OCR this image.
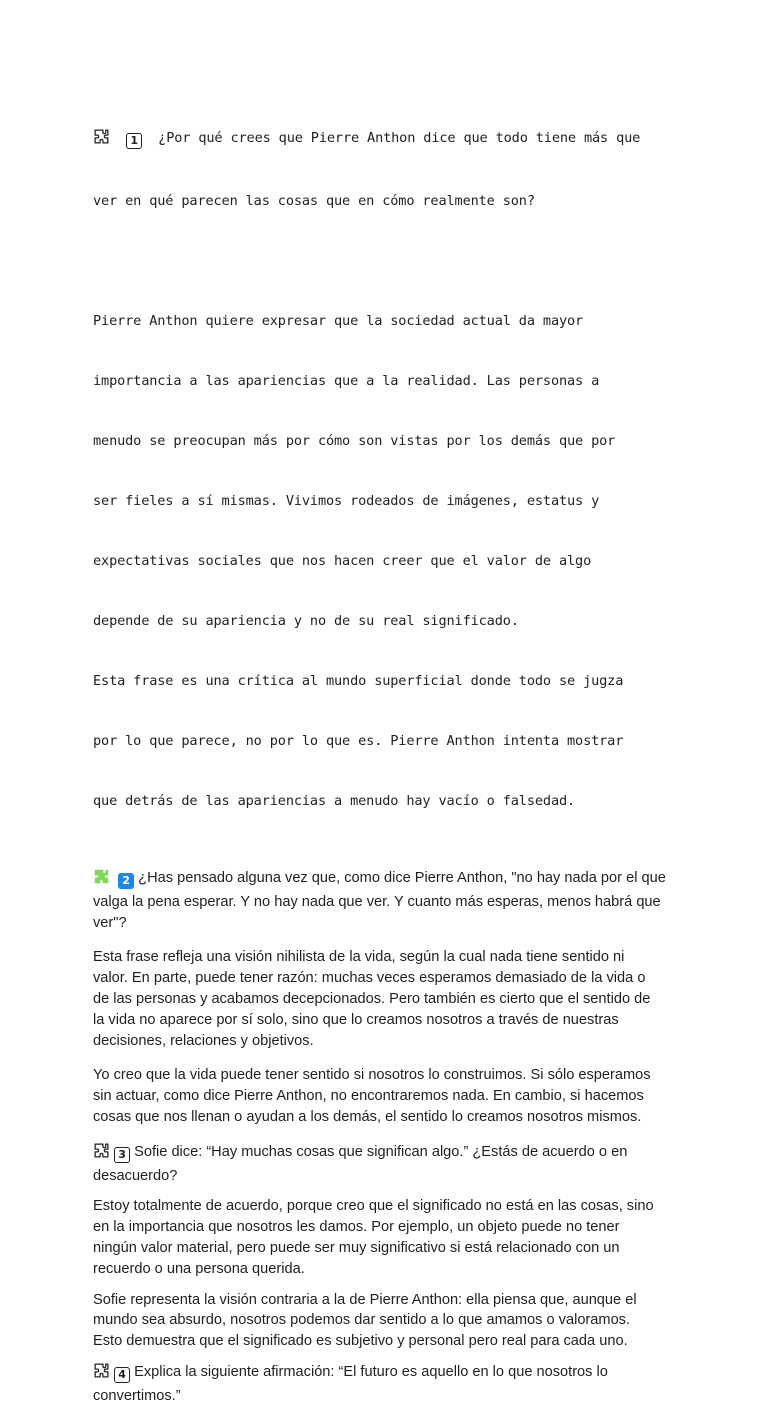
1 ¿Por qué crees que Pierre Anthon dice que todo tiene más que

ver en qué parecen las cosas que en cómo realmente son?

Pierre Anthon quiere expresar que la sociedad actual da mayor

importancia a las apariencias que a la realidad. Las personas a

menudo se preocupan más por cómo son vistas por los demás que por

ser fieles a sí mismas. Vivimos rodeados de imágenes, estatus y

expectativas sociales que nos hacen creer que el valor de algo

depende de su apariencia y no de su real significado.

Esta frase es una crítica al mundo superficial donde todo se jugza

por lo que parece, no por lo que es. Pierre Anthon intenta mostrar

que detrás de las apariencias a menudo hay vacío o falsedad.

2 ¿Has pensado alguna vez que, como dice Pierre Anthon, "no hay nada por el que
valga la pena esperar. Y no hay nada que ver. Y cuanto más esperas, menos habrá que
ver"?
Esta frase refleja una visión nihilista de la vida, según la cual nada tiene sentido ni
valor. En parte, puede tener razón: muchas veces esperamos demasiado de la vida o
de las personas y acabamos decepcionados. Pero también es cierto que el sentido de
la vida no aparece por sí solo, sino que lo creamos nosotros a través de nuestras
decisiones, relaciones y objetivos.
Yo creo que la vida puede tener sentido si nosotros lo construimos. Si sólo esperamos
sin actuar, como dice Pierre Anthon, no encontraremos nada. En cambio, si hacemos
cosas que nos llenan o ayudan a los demás, el sentido lo creamos nosotros mismos.
3 Sofie dice: “Hay muchas cosas que significan algo.” ¿Estás de acuerdo o en
desacuerdo?
Estoy totalmente de acuerdo, porque creo que el significado no está en las cosas, sino
en la importancia que nosotros les damos. Por ejemplo, un objeto puede no tener
ningún valor material, pero puede ser muy significativo si está relacionado con un
recuerdo o una persona querida.
Sofie representa la visión contraria a la de Pierre Anthon: ella piensa que, aunque el
mundo sea absurdo, nosotros podemos dar sentido a lo que amamos o valoramos.
Esto demuestra que el significado es subjetivo y personal pero real para cada uno.
4 Explica la siguiente afirmación: “El futuro es aquello en lo que nosotros lo
convertimos.”
